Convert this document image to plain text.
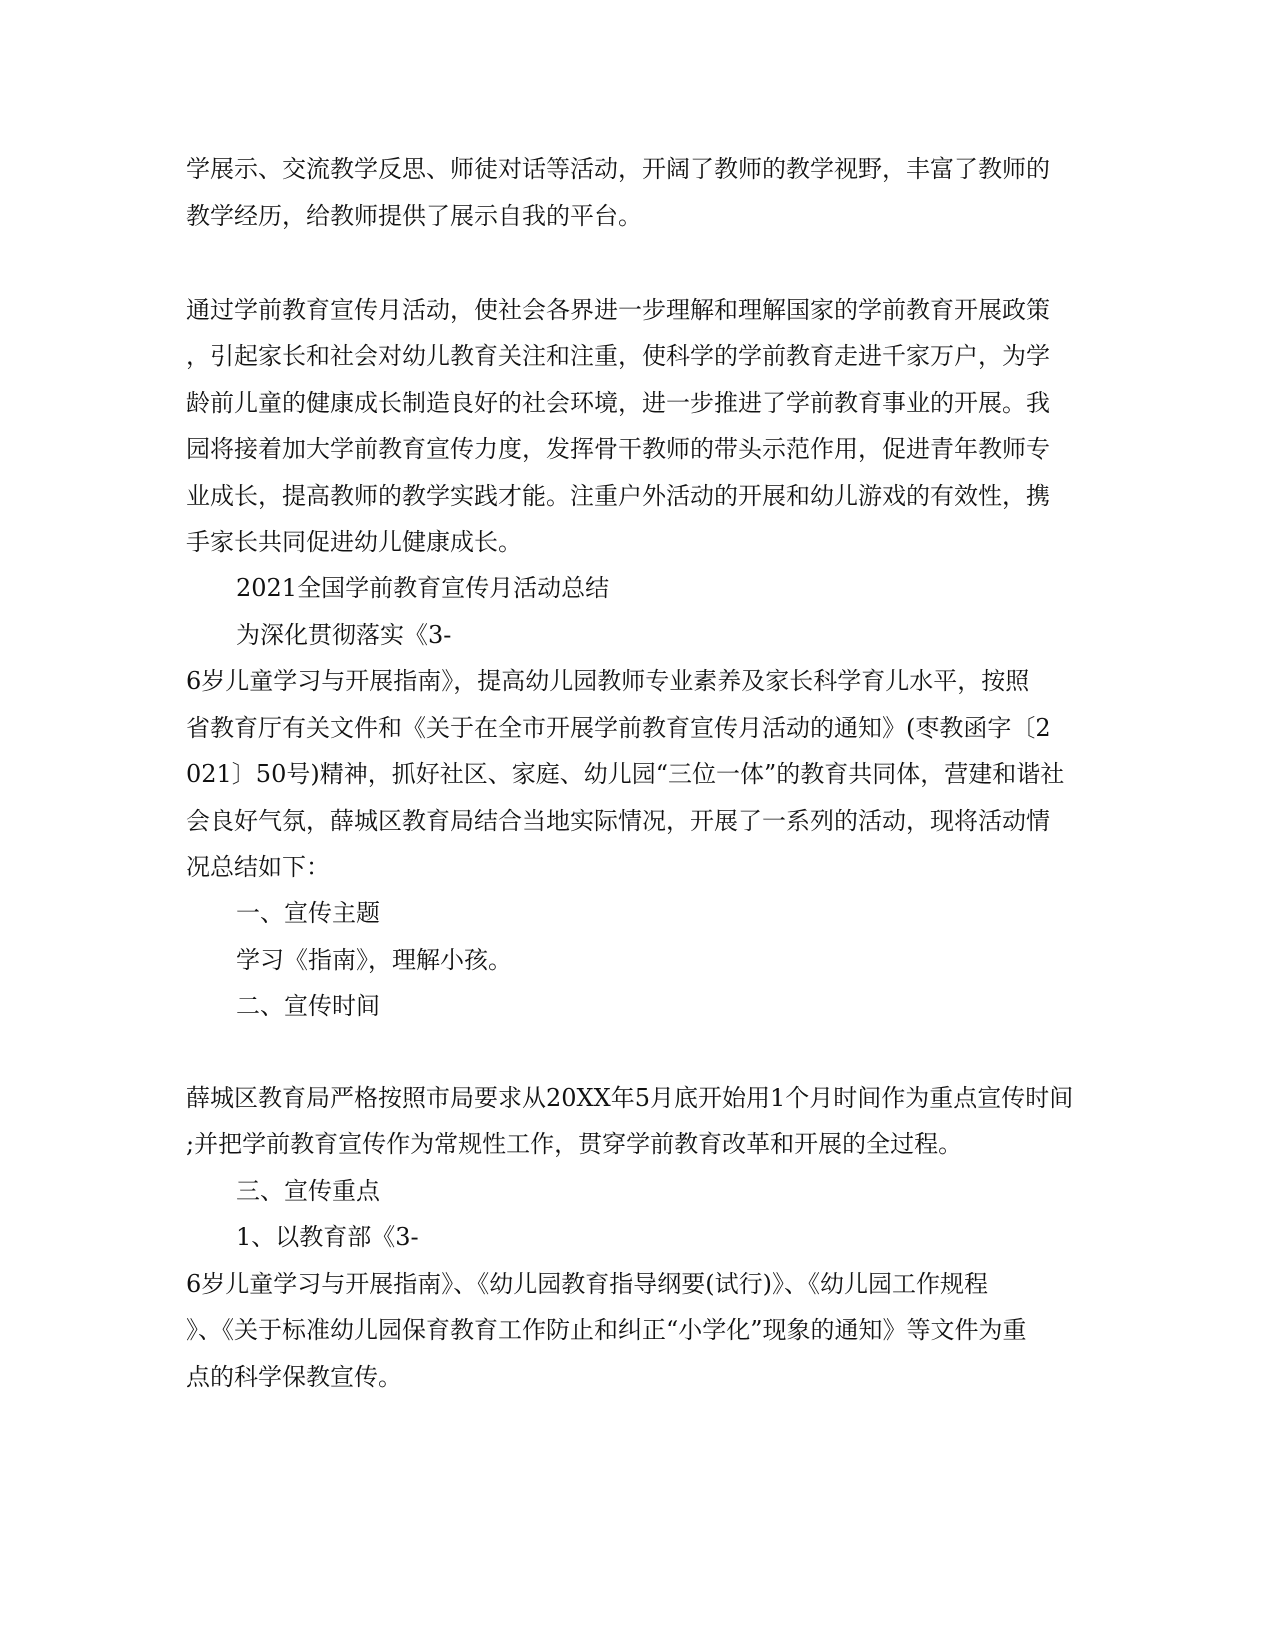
学展示、交流教学反思、师徒对话等活动，开阔了教师的教学视野，丰富了教师的
教学经历，给教师提供了展示自我的平台。
通过学前教育宣传月活动，使社会各界进一步理解和理解国家的学前教育开展政策
，引起家长和社会对幼儿教育关注和注重，使科学的学前教育走进千家万户，为学
龄前儿童的健康成长制造良好的社会环境，进一步推进了学前教育事业的开展。我
园将接着加大学前教育宣传力度，发挥骨干教师的带头示范作用，促进青年教师专
业成长，提高教师的教学实践才能。注重户外活动的开展和幼儿游戏的有效性，携
手家长共同促进幼儿健康成长。
2021全国学前教育宣传月活动总结
为深化贯彻落实《3-
6岁儿童学习与开展指南》，提高幼儿园教师专业素养及家长科学育儿水平，按照
省教育厅有关文件和《关于在全市开展学前教育宣传月活动的通知》(枣教函字〔2
021〕50号)精神，抓好社区、家庭、幼儿园“三位一体”的教育共同体，营建和谐社
会良好气氛，薛城区教育局结合当地实际情况，开展了一系列的活动，现将活动情
况总结如下：
一、宣传主题
学习《指南》，理解小孩。
二、宣传时间
薛城区教育局严格按照市局要求从20XX年5月底开始用1个月时间作为重点宣传时间
;并把学前教育宣传作为常规性工作，贯穿学前教育改革和开展的全过程。
三、宣传重点
1、以教育部《3-
6岁儿童学习与开展指南》、《幼儿园教育指导纲要(试行)》、《幼儿园工作规程
》、《关于标准幼儿园保育教育工作防止和纠正“小学化”现象的通知》等文件为重
点的科学保教宣传。
